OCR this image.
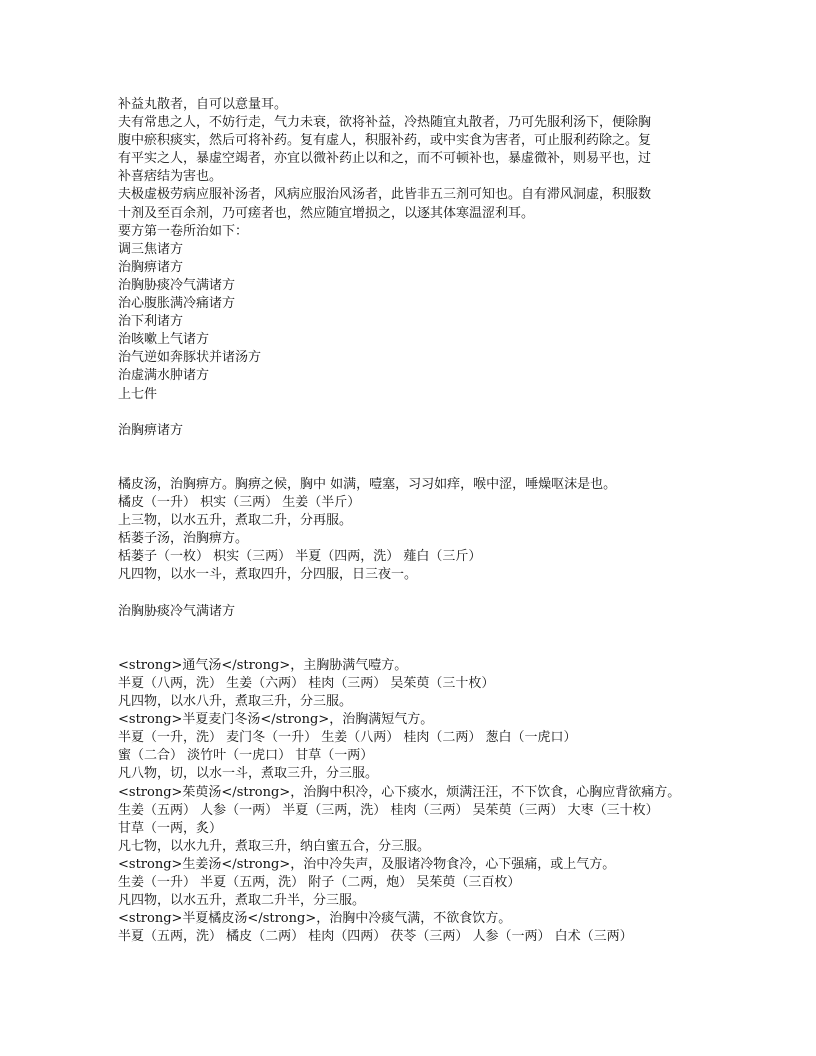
补益丸散者，自可以意量耳。
夫有常患之人，不妨行走，气力未衰，欲将补益，冷热随宜丸散者，乃可先服利汤下，便除胸
腹中瘀积痰实，然后可将补药。复有虚人，积服补药，或中实食为害者，可止服利药除之。复
有平实之人，暴虚空竭者，亦宜以微补药止以和之，而不可顿补也，暴虚微补，则易平也，过
补喜痞结为害也。
夫极虚极劳病应服补汤者，风病应服治风汤者，此皆非五三剂可知也。自有滞风洞虚，积服数
十剂及至百余剂，乃可瘥者也，然应随宜增损之，以逐其体寒温涩利耳。
要方第一卷所治如下：
调三焦诸方
治胸痹诸方
治胸胁痰冷气满诸方
治心腹胀满冷痛诸方
治下利诸方
治咳嗽上气诸方
治气逆如奔豚状并诸汤方
治虚满水肿诸方
上七件
治胸痹诸方
橘皮汤，治胸痹方。胸痹之候，胸中 如满，噎塞，习习如痒，喉中涩，唾燥呕沫是也。
橘皮（一升） 枳实（三两） 生姜（半斤）
上三物，以水五升，煮取二升，分再服。
栝蒌子汤，治胸痹方。
栝蒌子（一枚） 枳实（三两） 半夏（四两，洗） 薤白（三斤）
凡四物，以水一斗，煮取四升，分四服，日三夜一。
治胸胁痰冷气满诸方
<strong>通气汤</strong>，主胸胁满气噎方。
半夏（八两，洗） 生姜（六两） 桂肉（三两） 吴茱萸（三十枚）
凡四物，以水八升，煮取三升，分三服。
<strong>半夏麦门冬汤</strong>，治胸满短气方。
半夏（一升，洗） 麦门冬（一升） 生姜（八两） 桂肉（二两） 葱白（一虎口）
蜜（二合） 淡竹叶（一虎口） 甘草（一两）
凡八物，切，以水一斗，煮取三升，分三服。
<strong>茱萸汤</strong>，治胸中积冷，心下痰水，烦满汪汪，不下饮食，心胸应背欲痛方。
生姜（五两） 人参（一两） 半夏（三两，洗） 桂肉（三两） 吴茱萸（三两） 大枣（三十枚）
甘草（一两，炙）
凡七物，以水九升，煮取三升，纳白蜜五合，分三服。
<strong>生姜汤</strong>，治中冷失声，及服诸冷物食冷，心下强痛，或上气方。
生姜（一升） 半夏（五两，洗） 附子（二两，炮） 吴茱萸（三百枚）
凡四物，以水五升，煮取二升半，分三服。
<strong>半夏橘皮汤</strong>，治胸中冷痰气满，不欲食饮方。
半夏（五两，洗） 橘皮（二两） 桂肉（四两） 茯苓（三两） 人参（一两） 白术（三两）
